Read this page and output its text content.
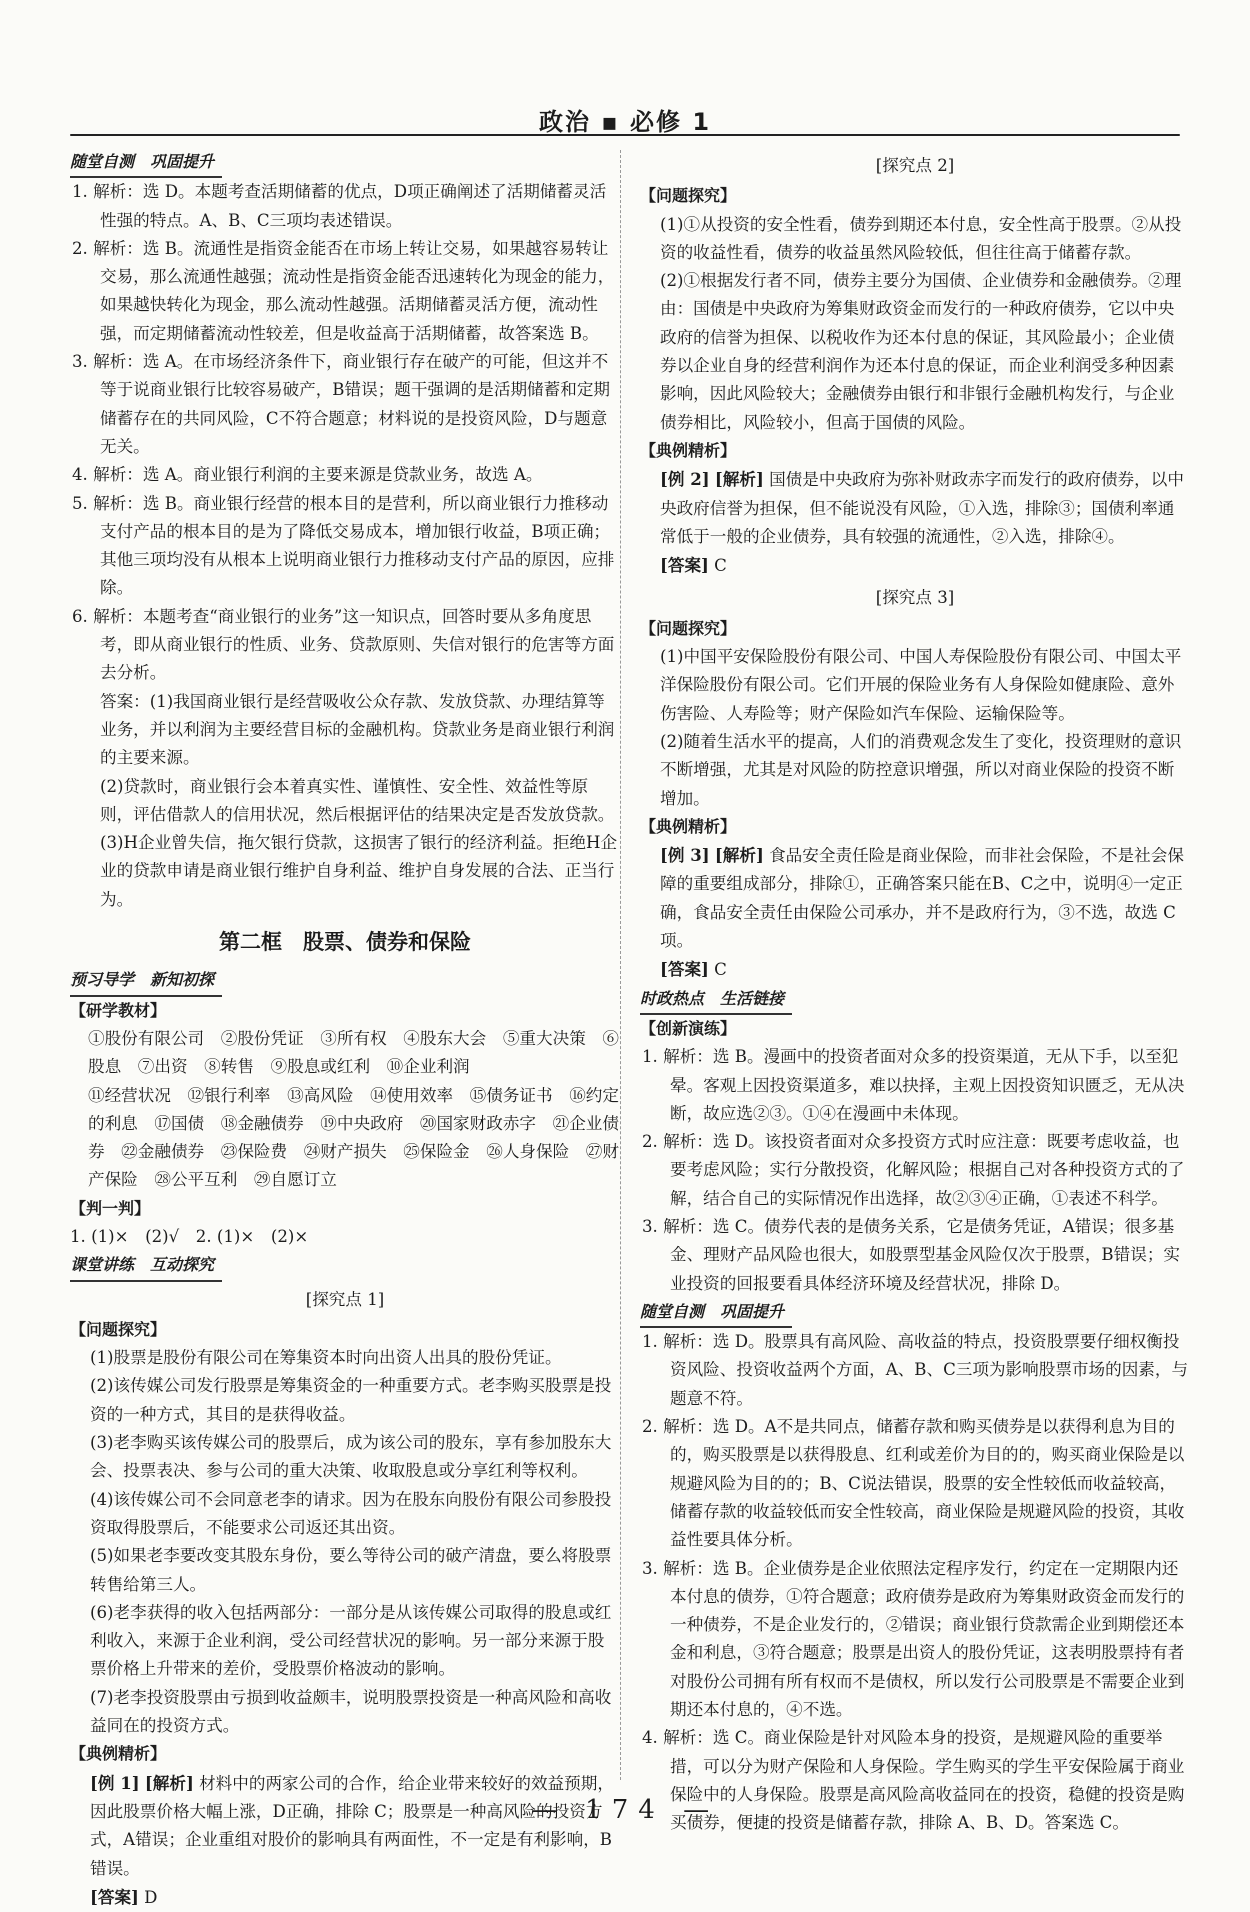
政治 ▪ 必修 1
随堂自测　巩固提升

1. 解析：选 D。本题考查活期储蓄的优点，D项正确阐述了活期储蓄灵活性强的特点。A、B、C三项均表述错误。

2. 解析：选 B。流通性是指资金能否在市场上转让交易，如果越容易转让交易，那么流通性越强；流动性是指资金能否迅速转化为现金的能力，如果越快转化为现金，那么流动性越强。活期储蓄灵活方便，流动性强，而定期储蓄流动性较差，但是收益高于活期储蓄，故答案选 B。

3. 解析：选 A。在市场经济条件下，商业银行存在破产的可能，但这并不等于说商业银行比较容易破产，B错误；题干强调的是活期储蓄和定期储蓄存在的共同风险，C不符合题意；材料说的是投资风险，D与题意无关。

4. 解析：选 A。商业银行利润的主要来源是贷款业务，故选 A。

5. 解析：选 B。商业银行经营的根本目的是营利，所以商业银行力推移动支付产品的根本目的是为了降低交易成本，增加银行收益，B项正确；其他三项均没有从根本上说明商业银行力推移动支付产品的原因，应排除。

6. 解析：本题考查“商业银行的业务”这一知识点，回答时要从多角度思考，即从商业银行的性质、业务、贷款原则、失信对银行的危害等方面去分析。

答案：(1)我国商业银行是经营吸收公众存款、发放贷款、办理结算等业务，并以利润为主要经营目标的金融机构。贷款业务是商业银行利润的主要来源。

(2)贷款时，商业银行会本着真实性、谨慎性、安全性、效益性等原则，评估借款人的信用状况，然后根据评估的结果决定是否发放贷款。

(3)H企业曾失信，拖欠银行贷款，这损害了银行的经济利益。拒绝H企业的贷款申请是商业银行维护自身利益、维护自身发展的合法、正当行为。

第二框　股票、债券和保险
预习导学　新知初探
【研学教材】

①股份有限公司　②股份凭证　③所有权　④股东大会　⑤重大决策　⑥股息　⑦出资　⑧转售　⑨股息或红利　⑩企业利润

⑪经营状况　⑫银行利率　⑬高风险　⑭使用效率　⑮债务证书　⑯约定的利息　⑰国债　⑱金融债券　⑲中央政府　⑳国家财政赤字　㉑企业债券　㉒金融债券　㉓保险费　㉔财产损失　㉕保险金　㉖人身保险　㉗财产保险　㉘公平互利　㉙自愿订立

【判一判】

1. (1)×　(2)√　2. (1)×　(2)×

课堂讲练　互动探究
[探究点 1]
【问题探究】

(1)股票是股份有限公司在筹集资本时向出资人出具的股份凭证。

(2)该传媒公司发行股票是筹集资金的一种重要方式。老李购买股票是投资的一种方式，其目的是获得收益。

(3)老李购买该传媒公司的股票后，成为该公司的股东，享有参加股东大会、投票表决、参与公司的重大决策、收取股息或分享红利等权利。

(4)该传媒公司不会同意老李的请求。因为在股东向股份有限公司参股投资取得股票后，不能要求公司返还其出资。

(5)如果老李要改变其股东身份，要么等待公司的破产清盘，要么将股票转售给第三人。

(6)老李获得的收入包括两部分：一部分是从该传媒公司取得的股息或红利收入，来源于企业利润，受公司经营状况的影响。另一部分来源于股票价格上升带来的差价，受股票价格波动的影响。

(7)老李投资股票由亏损到收益颇丰，说明股票投资是一种高风险和高收益同在的投资方式。

【典例精析】

[例 1] [解析] 材料中的两家公司的合作，给企业带来较好的效益预期，因此股票价格大幅上涨，D正确，排除 C；股票是一种高风险的投资方式，A错误；企业重组对股价的影响具有两面性，不一定是有利影响，B错误。

[答案] D

[探究点 2]
【问题探究】

(1)①从投资的安全性看，债券到期还本付息，安全性高于股票。②从投资的收益性看，债券的收益虽然风险较低，但往往高于储蓄存款。

(2)①根据发行者不同，债券主要分为国债、企业债券和金融债券。②理由：国债是中央政府为筹集财政资金而发行的一种政府债券，它以中央政府的信誉为担保、以税收作为还本付息的保证，其风险最小；企业债券以企业自身的经营利润作为还本付息的保证，而企业利润受多种因素影响，因此风险较大；金融债券由银行和非银行金融机构发行，与企业债券相比，风险较小，但高于国债的风险。

【典例精析】

[例 2] [解析] 国债是中央政府为弥补财政赤字而发行的政府债券，以中央政府信誉为担保，但不能说没有风险，①入选，排除③；国债利率通常低于一般的企业债券，具有较强的流通性，②入选，排除④。

[答案] C

[探究点 3]
【问题探究】

(1)中国平安保险股份有限公司、中国人寿保险股份有限公司、中国太平洋保险股份有限公司。它们开展的保险业务有人身保险如健康险、意外伤害险、人寿险等；财产保险如汽车保险、运输保险等。

(2)随着生活水平的提高，人们的消费观念发生了变化，投资理财的意识不断增强，尤其是对风险的防控意识增强，所以对商业保险的投资不断增加。

【典例精析】

[例 3] [解析] 食品安全责任险是商业保险，而非社会保险，不是社会保障的重要组成部分，排除①，正确答案只能在B、C之中，说明④一定正确，食品安全责任由保险公司承办，并不是政府行为，③不选，故选 C项。

[答案] C

时政热点　生活链接
【创新演练】

1. 解析：选 B。漫画中的投资者面对众多的投资渠道，无从下手，以至犯晕。客观上因投资渠道多，难以抉择，主观上因投资知识匮乏，无从决断，故应选②③。①④在漫画中未体现。

2. 解析：选 D。该投资者面对众多投资方式时应注意：既要考虑收益，也要考虑风险；实行分散投资，化解风险；根据自己对各种投资方式的了解，结合自己的实际情况作出选择，故②③④正确，①表述不科学。

3. 解析：选 C。债券代表的是债务关系，它是债务凭证，A错误；很多基金、理财产品风险也很大，如股票型基金风险仅次于股票，B错误；实业投资的回报要看具体经济环境及经营状况，排除 D。

随堂自测　巩固提升

1. 解析：选 D。股票具有高风险、高收益的特点，投资股票要仔细权衡投资风险、投资收益两个方面，A、B、C三项为影响股票市场的因素，与题意不符。

2. 解析：选 D。A不是共同点，储蓄存款和购买债券是以获得利息为目的的，购买股票是以获得股息、红利或差价为目的的，购买商业保险是以规避风险为目的的；B、C说法错误，股票的安全性较低而收益较高，储蓄存款的收益较低而安全性较高，商业保险是规避风险的投资，其收益性要具体分析。

3. 解析：选 B。企业债券是企业依照法定程序发行，约定在一定期限内还本付息的债券，①符合题意；政府债券是政府为筹集财政资金而发行的一种债券，不是企业发行的，②错误；商业银行贷款需企业到期偿还本金和利息，③符合题意；股票是出资人的股份凭证，这表明股票持有者对股份公司拥有所有权而不是债权，所以发行公司股票是不需要企业到期还本付息的，④不选。

4. 解析：选 C。商业保险是针对风险本身的投资，是规避风险的重要举措，可以分为财产保险和人身保险。学生购买的学生平安保险属于商业保险中的人身保险。股票是高风险高收益同在的投资，稳健的投资是购买债券，便捷的投资是储蓄存款，排除 A、B、D。答案选 C。

— 174 —
